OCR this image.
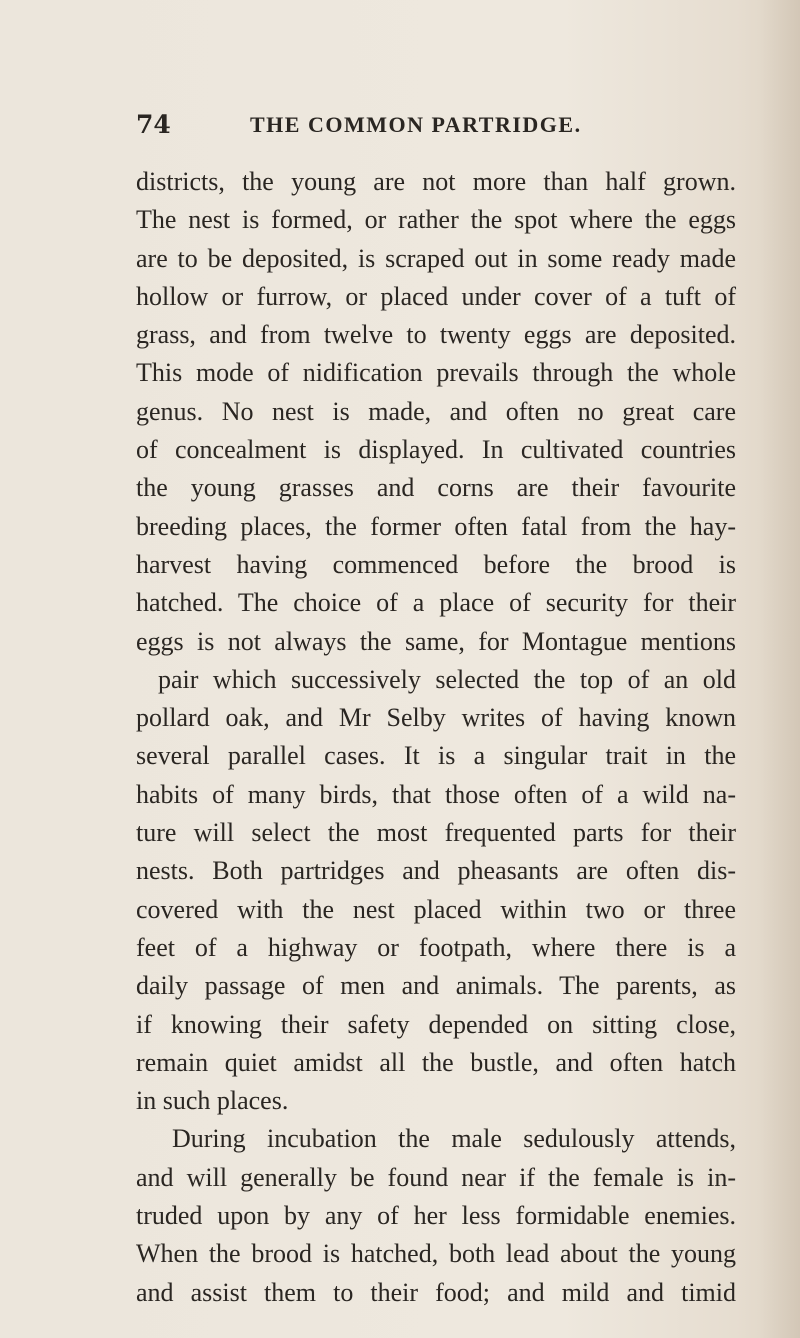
74	THE COMMON PARTRIDGE.
districts, the young are not more than half grown.
The nest is formed, or rather the spot where the eggs
are to be deposited, is scraped out in some ready made
hollow or furrow, or placed under cover of a tuft of
grass, and from twelve to twenty eggs are deposited.
This mode of nidification prevails through the whole
genus. No nest is made, and often no great care
of concealment is displayed. In cultivated countries
the young grasses and corns are their favourite
breeding places, the former often fatal from the hay-
harvest having commenced before the brood is
hatched. The choice of a place of security for their
eggs is not always the same, for Montague mentions
pair which successively selected the top of an old
pollard oak, and Mr Selby writes of having known
several parallel cases. It is a singular trait in the
habits of many birds, that those often of a wild na-
ture will select the most frequented parts for their
nests. Both partridges and pheasants are often dis-
covered with the nest placed within two or three
feet of a highway or footpath, where there is a
daily passage of men and animals. The parents, as
if knowing their safety depended on sitting close,
remain quiet amidst all the bustle, and often hatch
in such places.
During incubation the male sedulously attends,
and will generally be found near if the female is in-
truded upon by any of her less formidable enemies.
When the brood is hatched, both lead about the young
and assist them to their food; and mild and timid
